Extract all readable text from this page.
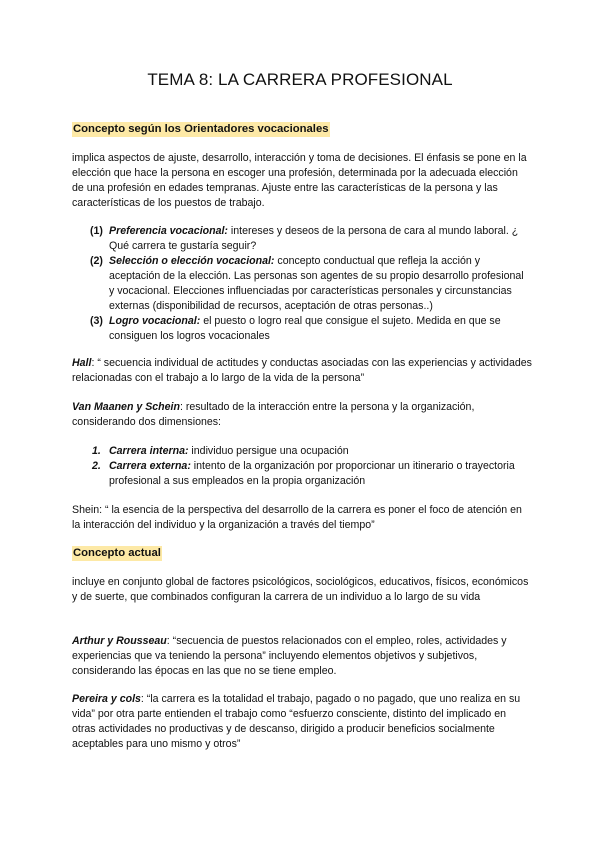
TEMA 8: LA CARRERA PROFESIONAL
Concepto según los Orientadores vocacionales
implica aspectos de ajuste, desarrollo, interacción y toma de decisiones. El énfasis se pone en la elección que hace la persona en escoger una profesión, determinada por la adecuada elección de una profesión en edades tempranas. Ajuste entre las características de la persona y las características de los puestos de trabajo.
(1) Preferencia vocacional: intereses y deseos de la persona de cara al mundo laboral. ¿ Qué carrera te gustaría seguir?
(2) Selección o elección vocacional: concepto conductual que refleja la acción y aceptación de la elección. Las personas son agentes de su propio desarrollo profesional y vocacional. Elecciones influenciadas por características personales y circunstancias externas (disponibilidad de recursos, aceptación de otras personas..)
(3) Logro vocacional: el puesto o logro real que consigue el sujeto. Medida en que se consiguen los logros vocacionales
Hall: “ secuencia individual de actitudes y conductas asociadas con las experiencias y actividades relacionadas con el trabajo a lo largo de la vida de la persona”
Van Maanen y Schein: resultado de la interacción entre la persona y la organización, considerando dos dimensiones:
1. Carrera interna: individuo persigue una ocupación
2. Carrera externa: intento de la organización por proporcionar un itinerario o trayectoria profesional a sus empleados en la propia organización
Shein: “ la esencia de la perspectiva del desarrollo de la carrera es poner el foco de atención en la interacción del individuo y la organización a través del tiempo”
Concepto actual
incluye en conjunto global de factores psicológicos, sociológicos, educativos, físicos, económicos y de suerte, que combinados configuran la carrera de un individuo a lo largo de su vida
Arthur y Rousseau: “secuencia de puestos relacionados con el empleo, roles, actividades y experiencias que va teniendo la persona” incluyendo elementos objetivos y subjetivos, considerando las épocas en las que no se tiene empleo.
Pereira y cols: “la carrera es la totalidad el trabajo, pagado o no pagado, que uno realiza en su vida” por otra parte entienden el trabajo como “esfuerzo consciente, distinto del implicado en otras actividades no productivas y de descanso, dirigido a producir beneficios socialmente aceptables para uno mismo y otros”
